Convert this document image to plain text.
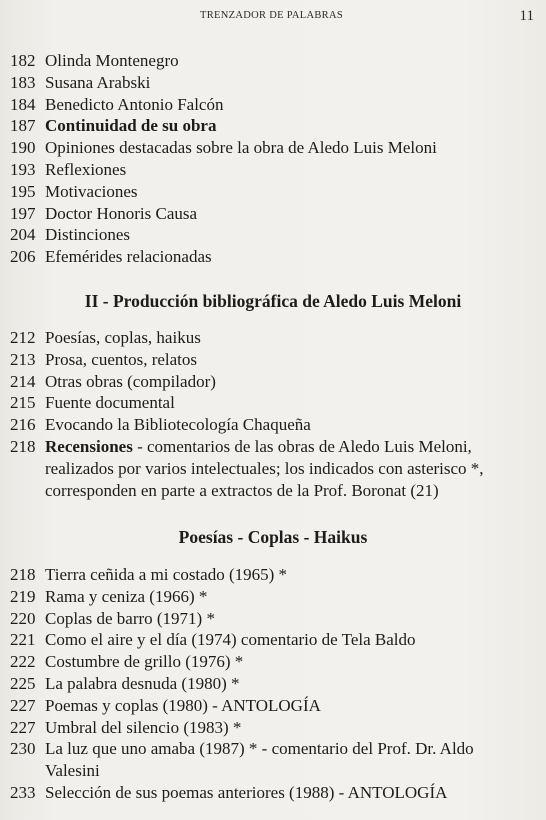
TRENZADOR DE PALABRAS	11
182 Olinda Montenegro
183 Susana Arabski
184 Benedicto Antonio Falcón
187 Continuidad de su obra
190 Opiniones destacadas sobre la obra de Aledo Luis Meloni
193 Reflexiones
195 Motivaciones
197 Doctor Honoris Causa
204 Distinciones
206 Efemérides relacionadas
II - Producción bibliográfica de Aledo Luis Meloni
212 Poesías, coplas, haikus
213 Prosa, cuentos, relatos
214 Otras obras (compilador)
215 Fuente documental
216 Evocando la Bibliotecología Chaqueña
218 Recensiones - comentarios de las obras de Aledo Luis Meloni,
realizados por varios intelectuales; los indicados con asterisco *,
corresponden en parte a extractos de la Prof. Boronat (21)
Poesías - Coplas - Haikus
218 Tierra ceñida a mi costado (1965) *
219 Rama y ceniza (1966) *
220 Coplas de barro (1971) *
221 Como el aire y el día (1974) comentario de Tela Baldo
222 Costumbre de grillo (1976) *
225 La palabra desnuda (1980) *
227 Poemas y coplas (1980) - ANTOLOGÍA
227 Umbral del silencio (1983) *
230 La luz que uno amaba (1987) * - comentario del Prof. Dr. Aldo
Valesini
233 Selección de sus poemas anteriores (1988) - ANTOLOGÍA
